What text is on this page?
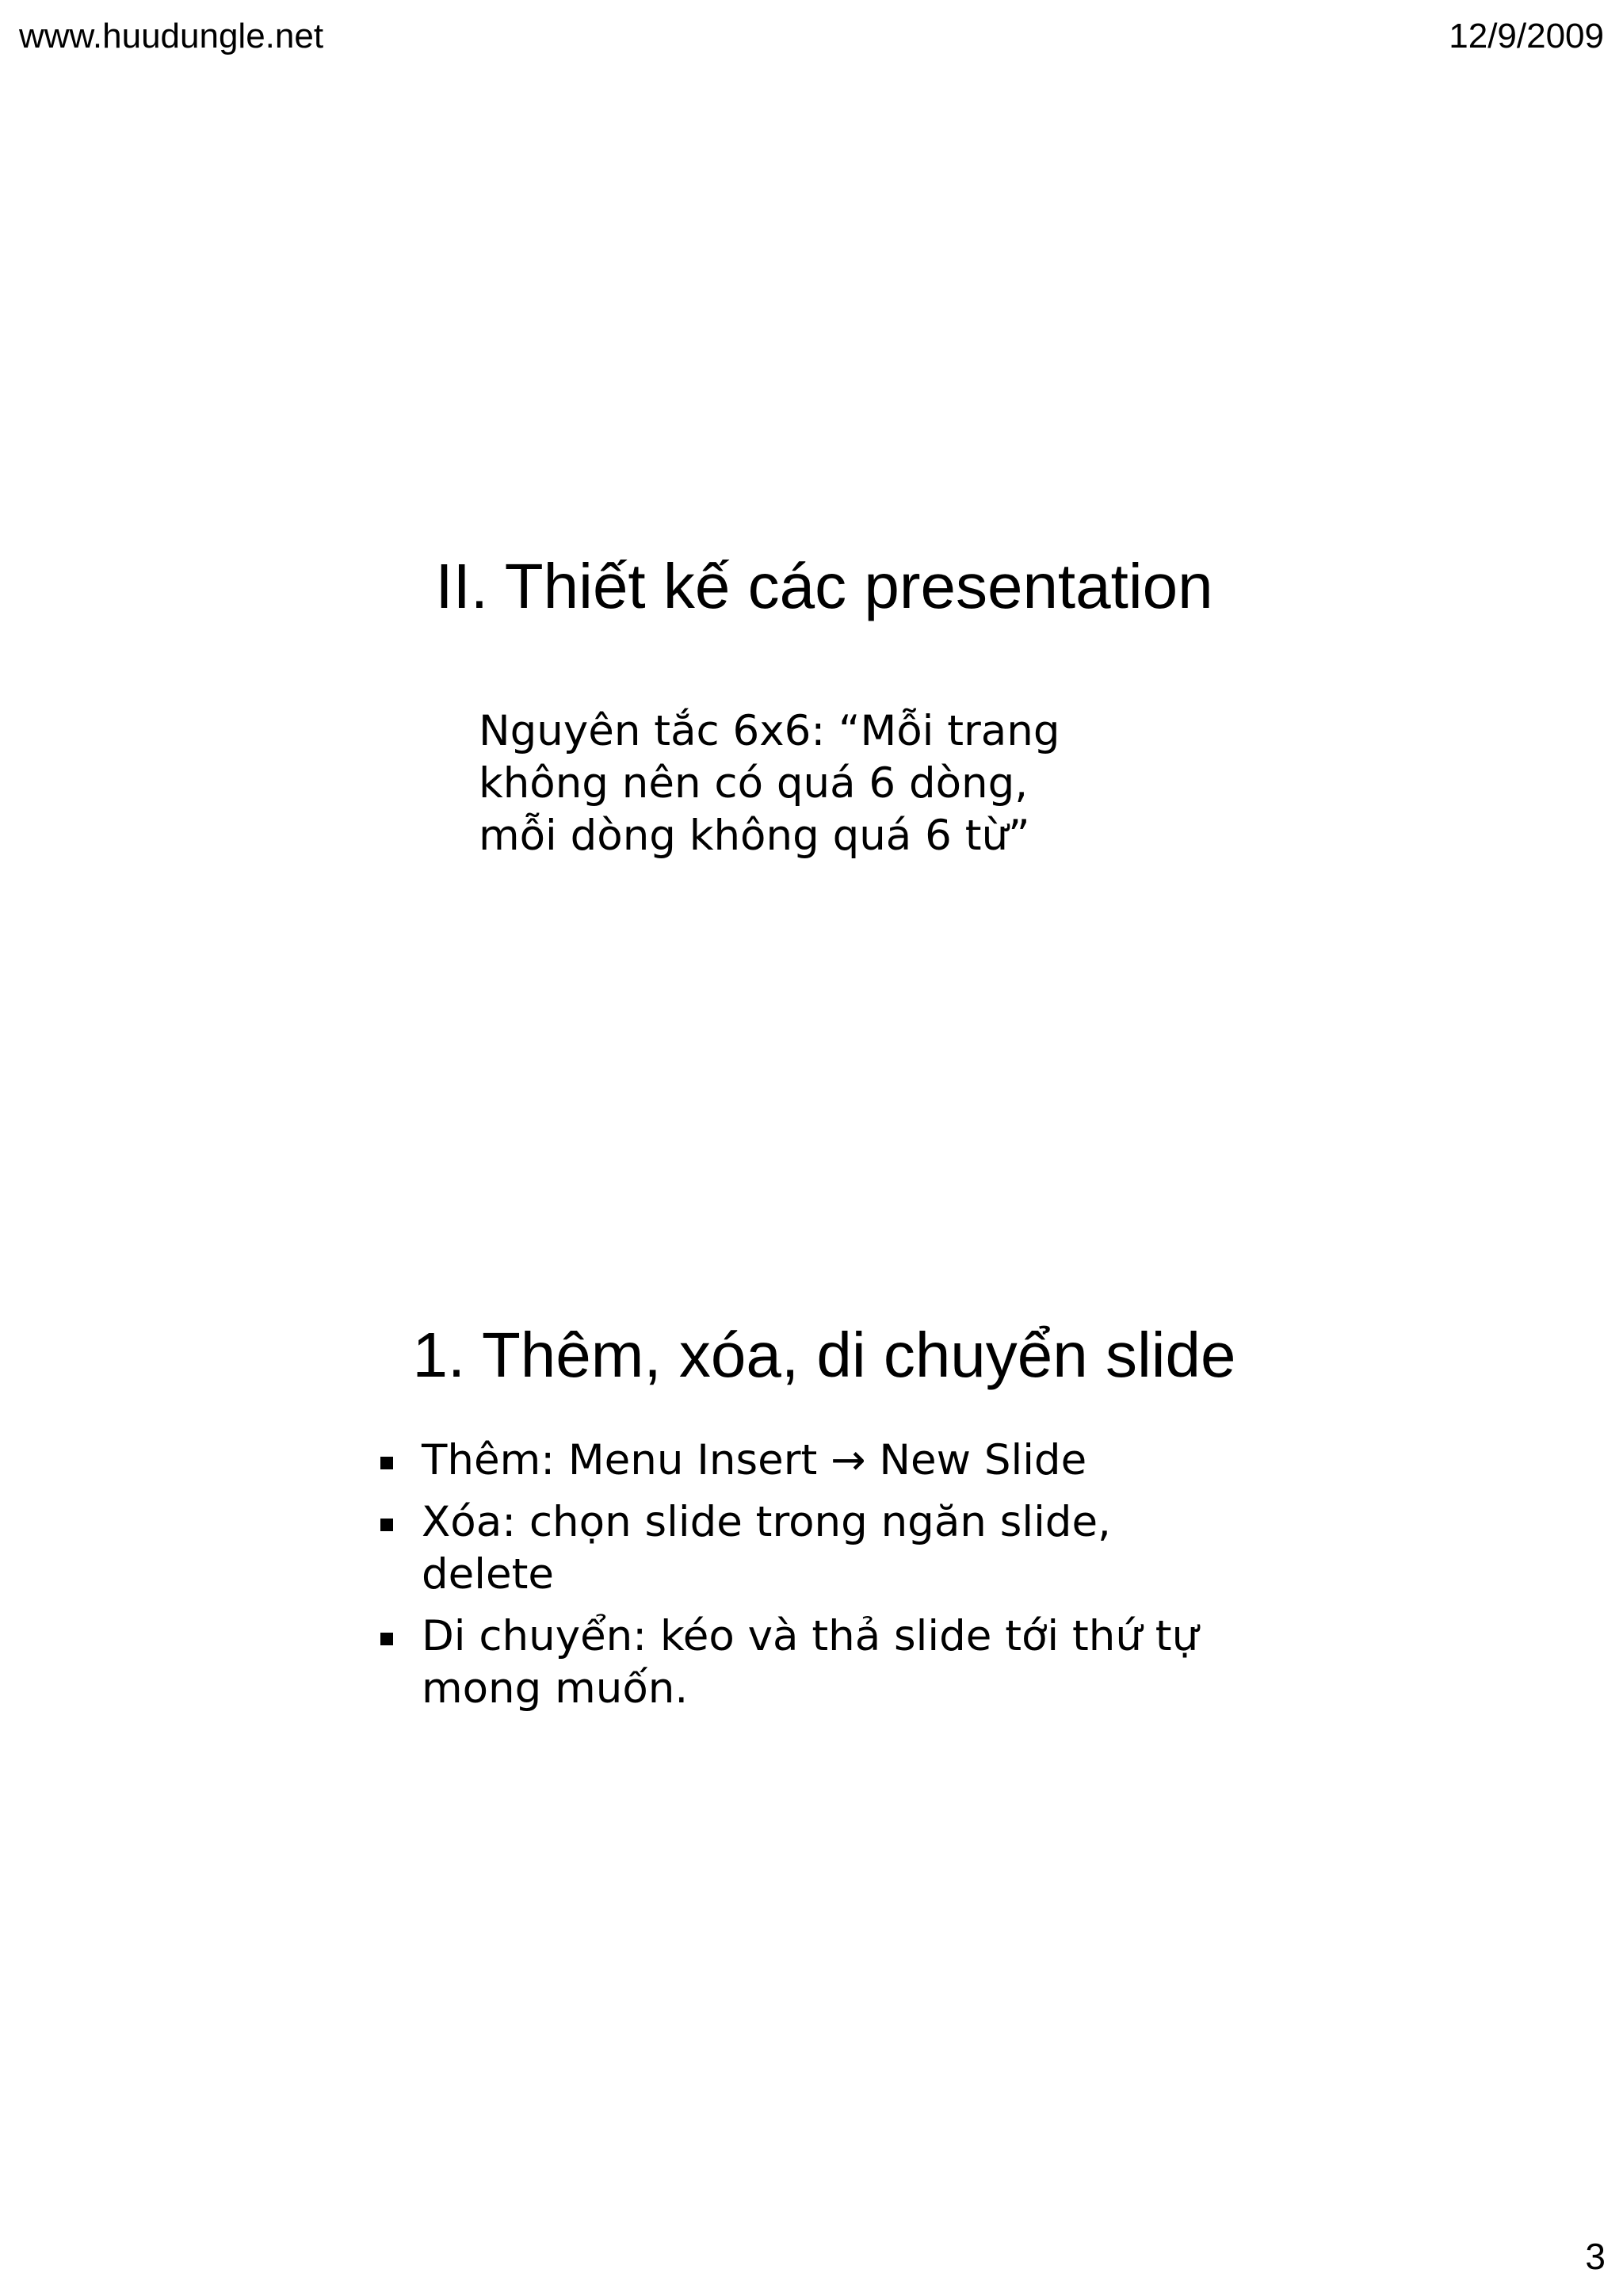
www.huudungle.net	12/9/2009
II. Thiết kế các presentation

Nguyên tắc 6x6: “Mỗi trang
không nên có quá 6 dòng,
mỗi dòng không quá 6 từ”

1. Thêm, xóa, di chuyển slide
Thêm: Menu Insert → New Slide
Xóa: chọn slide trong ngăn slide,
delete
Di chuyển: kéo và thả slide tới thứ tự
mong muốn.
3
